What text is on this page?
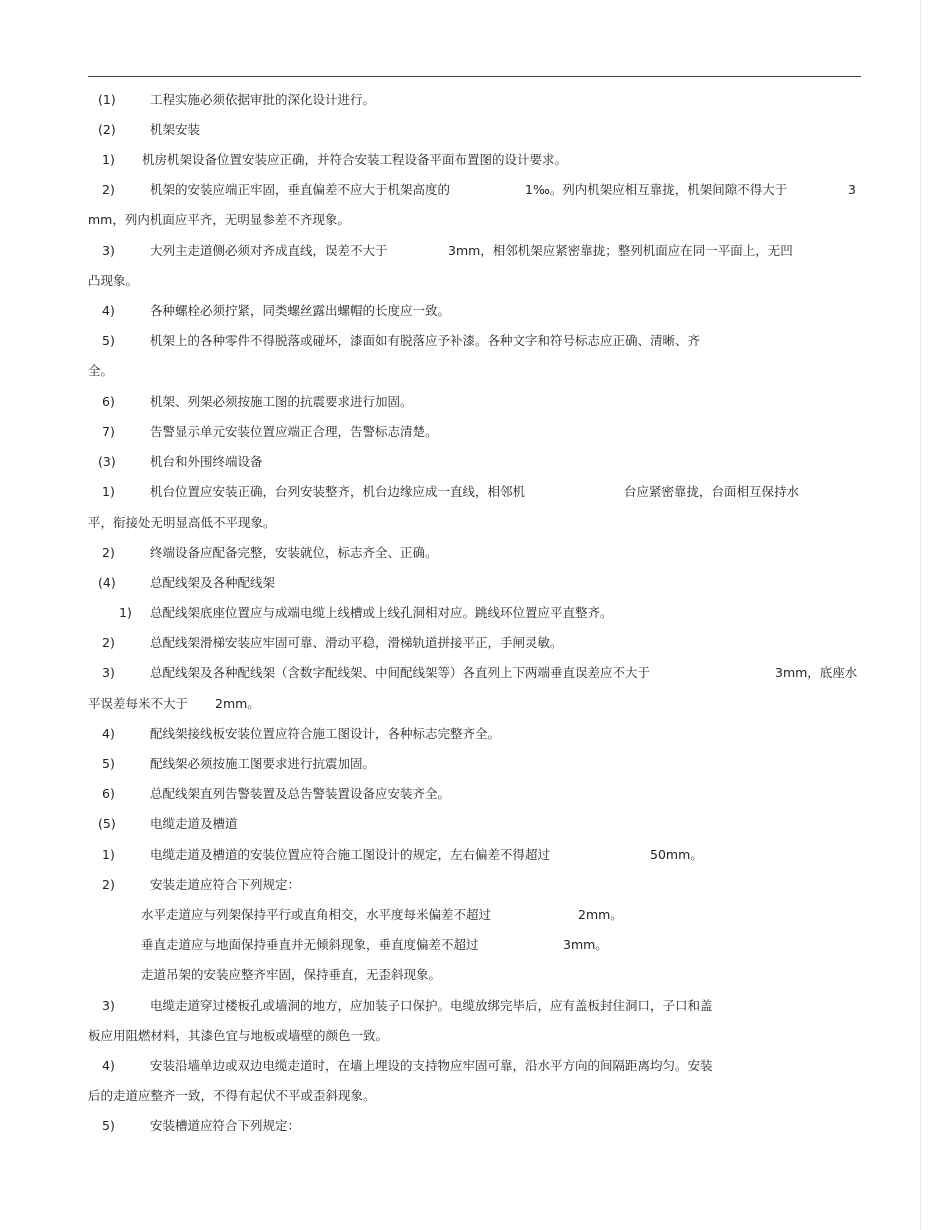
(1)	工程实施必须依据审批的深化设计进行。
(2)	机架安装
1) 机房机架设备位置安装应正确，并符合安装工程设备平面布置图的设计要求。
2)	机架的安装应端正牢固，垂直偏差不应大于机架高度的	1‰。列内机架应相互靠拢，机架间隙不得大于	3
mm，列内机面应平齐，无明显参差不齐现象。
3)	大列主走道侧必须对齐成直线，误差不大于	3mm，相邻机架应紧密靠拢；整列机面应在同一平面上，无凹
凸现象。
4)	各种螺栓必须拧紧，同类螺丝露出螺帽的长度应一致。
5)	机架上的各种零件不得脱落或碰坏，漆面如有脱落应予补漆。各种文字和符号标志应正确、清晰、齐
全。
6)	机架、列架必须按施工图的抗震要求进行加固。
7)	告警显示单元安装位置应端正合理，告警标志清楚。
(3)	机台和外围终端设备
1)	机台位置应安装正确，台列安装整齐，机台边缘应成一直线，相邻机	台应紧密靠拢，台面相互保持水
平，衔接处无明显高低不平现象。
2)	终端设备应配备完整，安装就位，标志齐全、正确。
(4)	总配线架及各种配线架
1) 总配线架底座位置应与成端电缆上线槽或上线孔洞相对应。跳线环位置应平直整齐。
2)	总配线架滑梯安装应牢固可靠、滑动平稳，滑梯轨道拼接平正，手闸灵敏。
3)	总配线架及各种配线架（含数字配线架、中间配线架等）各直列上下两端垂直误差应不大于	3mm，底座水
平误差每米不大于 2mm。
4)	配线架接线板安装位置应符合施工图设计，各种标志完整齐全。
5)	配线架必须按施工图要求进行抗震加固。
6)	总配线架直列告警装置及总告警装置设备应安装齐全。
(5)	电缆走道及槽道
1)	电缆走道及槽道的安装位置应符合施工图设计的规定，左右偏差不得超过	50mm。
2)	安装走道应符合下列规定：
水平走道应与列架保持平行或直角相交，水平度每米偏差不超过	2mm。
垂直走道应与地面保持垂直并无倾斜现象，垂直度偏差不超过	3mm。
走道吊架的安装应整齐牢固，保持垂直，无歪斜现象。
3)	电缆走道穿过楼板孔或墙洞的地方，应加装子口保护。电缆放绑完毕后，应有盖板封住洞口，子口和盖
板应用阻燃材料，其漆色宜与地板或墙壁的颜色一致。
4)	安装沿墙单边或双边电缆走道时，在墙上埋设的支持物应牢固可靠，沿水平方向的间隔距离均匀。安装
后的走道应整齐一致，不得有起伏不平或歪斜现象。
5)	安装槽道应符合下列规定：
